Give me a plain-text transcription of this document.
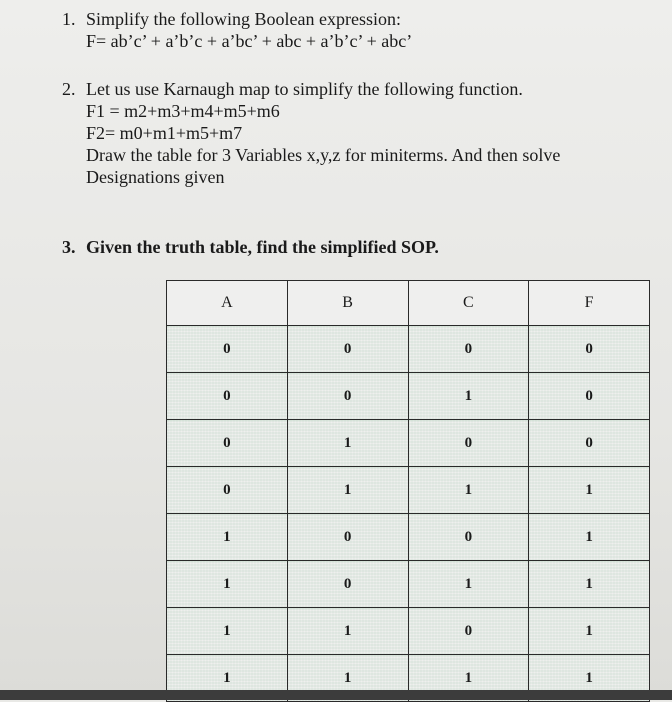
1. Simplify the following Boolean expression:
F= ab’c’ + a’b’c + a’bc’ + abc + a’b’c’ + abc’
2. Let us use Karnaugh map to simplify the following function.
F1 = m2+m3+m4+m5+m6
F2= m0+m1+m5+m7
Draw the table for 3 Variables x,y,z for miniterms. And then solve
Designations given
3. Given the truth table, find the simplified SOP.
A	B	C	F
0	0	0	0
0	0	1	0
0	1	0	0
0	1	1	1
1	0	0	1
1	0	1	1
1	1	0	1
1	1	1	1
